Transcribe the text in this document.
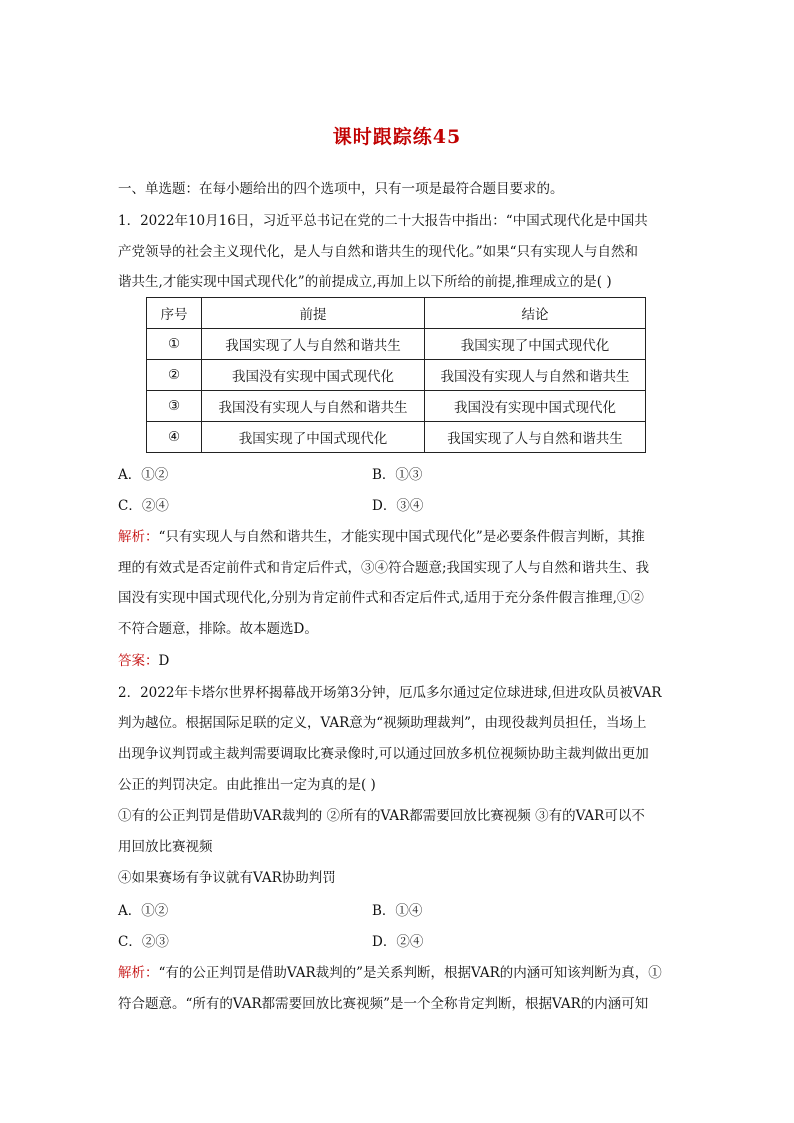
课时跟踪练45
一、单选题：在每小题给出的四个选项中，只有一项是最符合题目要求的。
1．2022年10月16日，习近平总书记在党的二十大报告中指出：“中国式现代化是中国共
产党领导的社会主义现代化，是人与自然和谐共生的现代化。”如果“只有实现人与自然和
谐共生,才能实现中国式现代化”的前提成立,再加上以下所给的前提,推理成立的是( )
序号	前提	结论
①	我国实现了人与自然和谐共生	我国实现了中国式现代化
②	我国没有实现中国式现代化	我国没有实现人与自然和谐共生
③	我国没有实现人与自然和谐共生	我国没有实现中国式现代化
④	我国实现了中国式现代化	我国实现了人与自然和谐共生
A．①②	B．①③
C．②④	D．③④
解析：“只有实现人与自然和谐共生，才能实现中国式现代化”是必要条件假言判断，其推
理的有效式是否定前件式和肯定后件式，③④符合题意;我国实现了人与自然和谐共生、我
国没有实现中国式现代化,分别为肯定前件式和否定后件式,适用于充分条件假言推理,①②
不符合题意，排除。故本题选D。
答案：D
2．2022年卡塔尔世界杯揭幕战开场第3分钟，厄瓜多尔通过定位球进球,但进攻队员被VAR
判为越位。根据国际足联的定义，VAR意为“视频助理裁判”，由现役裁判员担任，当场上
出现争议判罚或主裁判需要调取比赛录像时,可以通过回放多机位视频协助主裁判做出更加
公正的判罚决定。由此推出一定为真的是( )
①有的公正判罚是借助VAR裁判的 ②所有的VAR都需要回放比赛视频 ③有的VAR可以不
用回放比赛视频
④如果赛场有争议就有VAR协助判罚
A．①②	B．①④
C．②③	D．②④
解析：“有的公正判罚是借助VAR裁判的”是关系判断，根据VAR的内涵可知该判断为真，①
符合题意。“所有的VAR都需要回放比赛视频”是一个全称肯定判断，根据VAR的内涵可知
